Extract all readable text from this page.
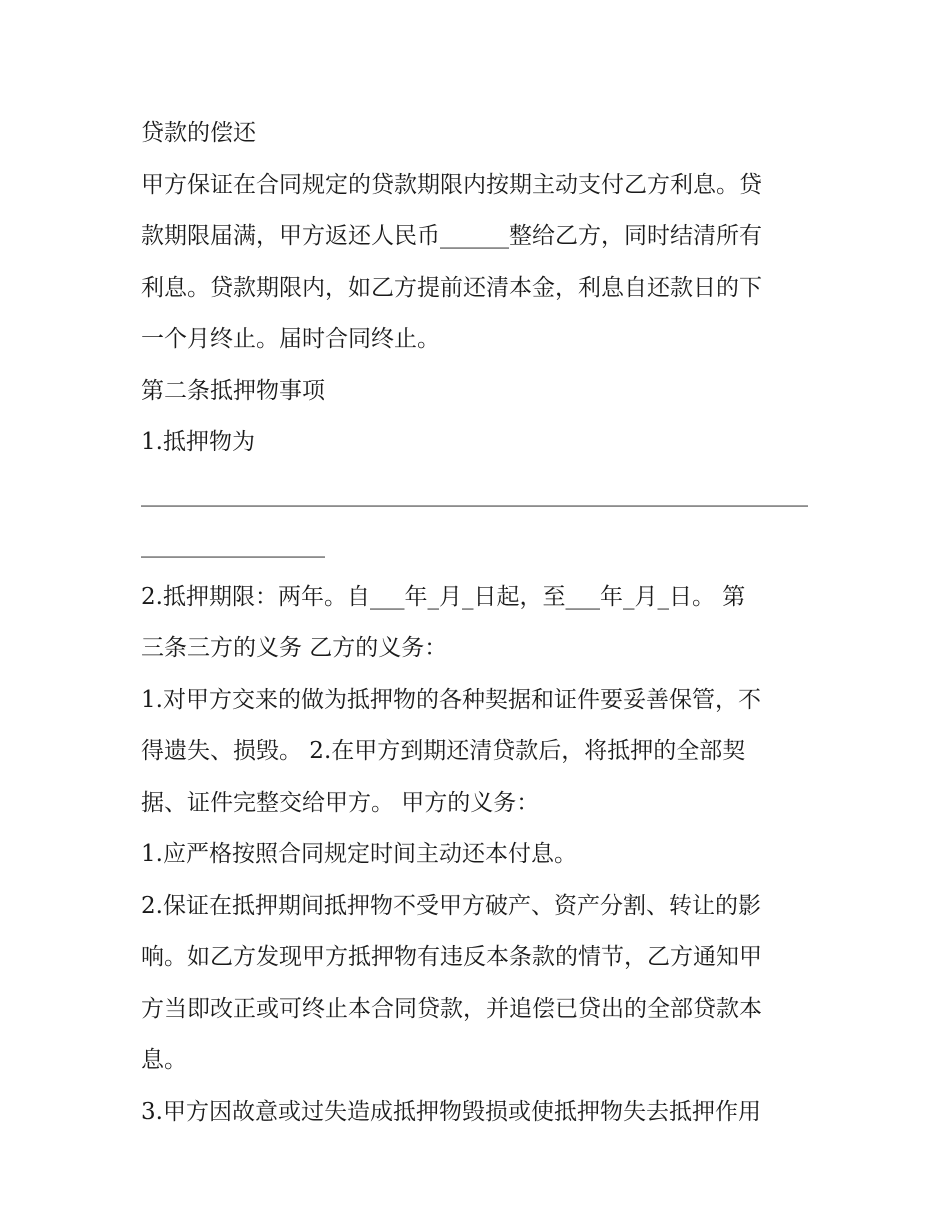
贷款的偿还
甲方保证在合同规定的贷款期限内按期主动支付乙方利息。贷
款期限届满，甲方返还人民币______整给乙方，同时结清所有
利息。贷款期限内，如乙方提前还清本金，利息自还款日的下
一个月终止。届时合同终止。
第二条抵押物事项
1.抵押物为
__________________________________________________________
________________
2.抵押期限：两年。自___年_月_日起，至___年_月_日。 第
三条三方的义务 乙方的义务：
1.对甲方交来的做为抵押物的各种契据和证件要妥善保管，不
得遗失、损毁。 2.在甲方到期还清贷款后，将抵押的全部契
据、证件完整交给甲方。 甲方的义务：
1.应严格按照合同规定时间主动还本付息。
2.保证在抵押期间抵押物不受甲方破产、资产分割、转让的影
响。如乙方发现甲方抵押物有违反本条款的情节，乙方通知甲
方当即改正或可终止本合同贷款，并追偿已贷出的全部贷款本
息。
3.甲方因故意或过失造成抵押物毁损或使抵押物失去抵押作用
